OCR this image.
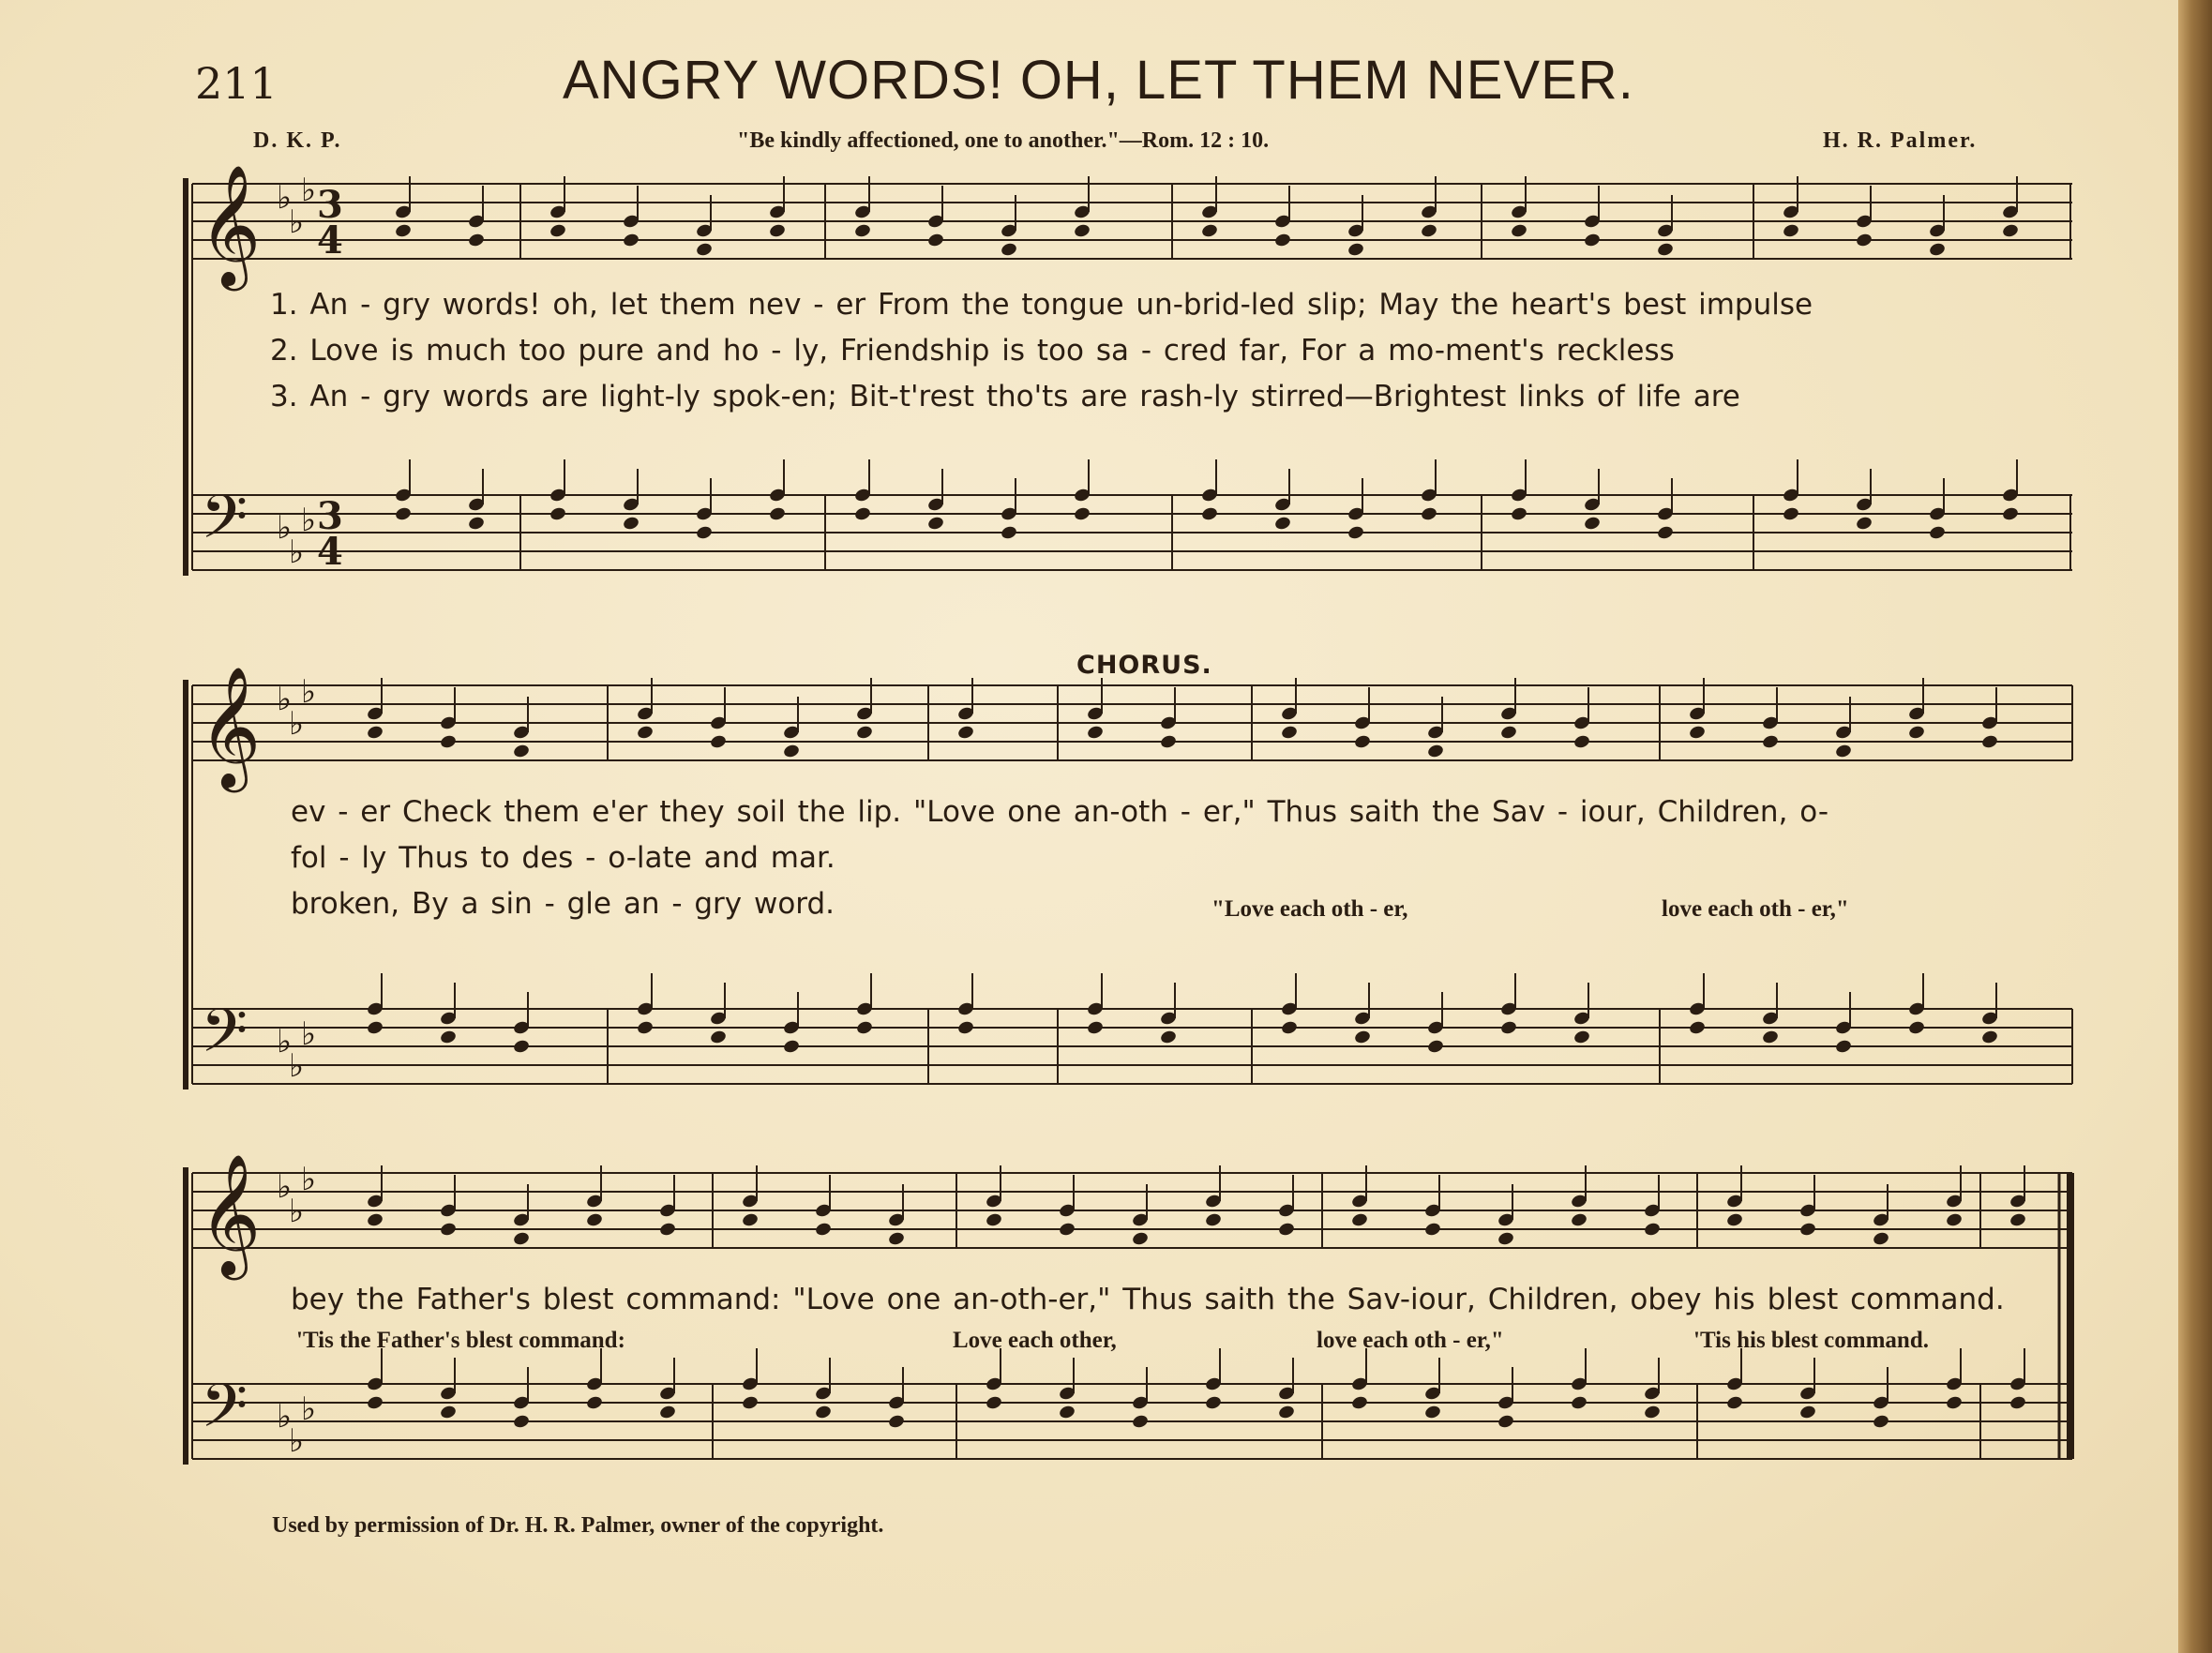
𝄞
𝄢
♭
♭
♭
♭
♭
♭
3
4
3
4
𝄞
𝄢
♭
♭
♭
♭
♭
♭
𝄞
𝄢
♭
♭
♭
♭
♭
♭
211	ANGRY WORDS! OH, LET THEM NEVER.
D. K. P.	"Be kindly affectioned, one to another."—Rom. 12 : 10.	H. R. Palmer.
1. An - gry words! oh, let them nev - er From the tongue un-brid-led slip; May the heart's best impulse
2. Love is much too pure and ho - ly, Friendship is too sa - cred far, For a mo-ment's reckless
3. An - gry words are light-ly spok-en; Bit-t'rest tho'ts are rash-ly stirred—Brightest links of life are
CHORUS.
ev - er Check them e'er they soil the lip. "Love one an-oth - er," Thus saith the Sav - iour, Children, o-
fol - ly Thus to des - o-late and mar.
broken, By a sin - gle an - gry word.	"Love each oth - er,	love each oth - er,"
bey the Father's blest command: "Love one an-oth-er," Thus saith the Sav-iour, Children, obey his blest command.
'Tis the Father's blest command:	Love each other,	love each oth - er,"	'Tis his blest command.
Used by permission of Dr. H. R. Palmer, owner of the copyright.
